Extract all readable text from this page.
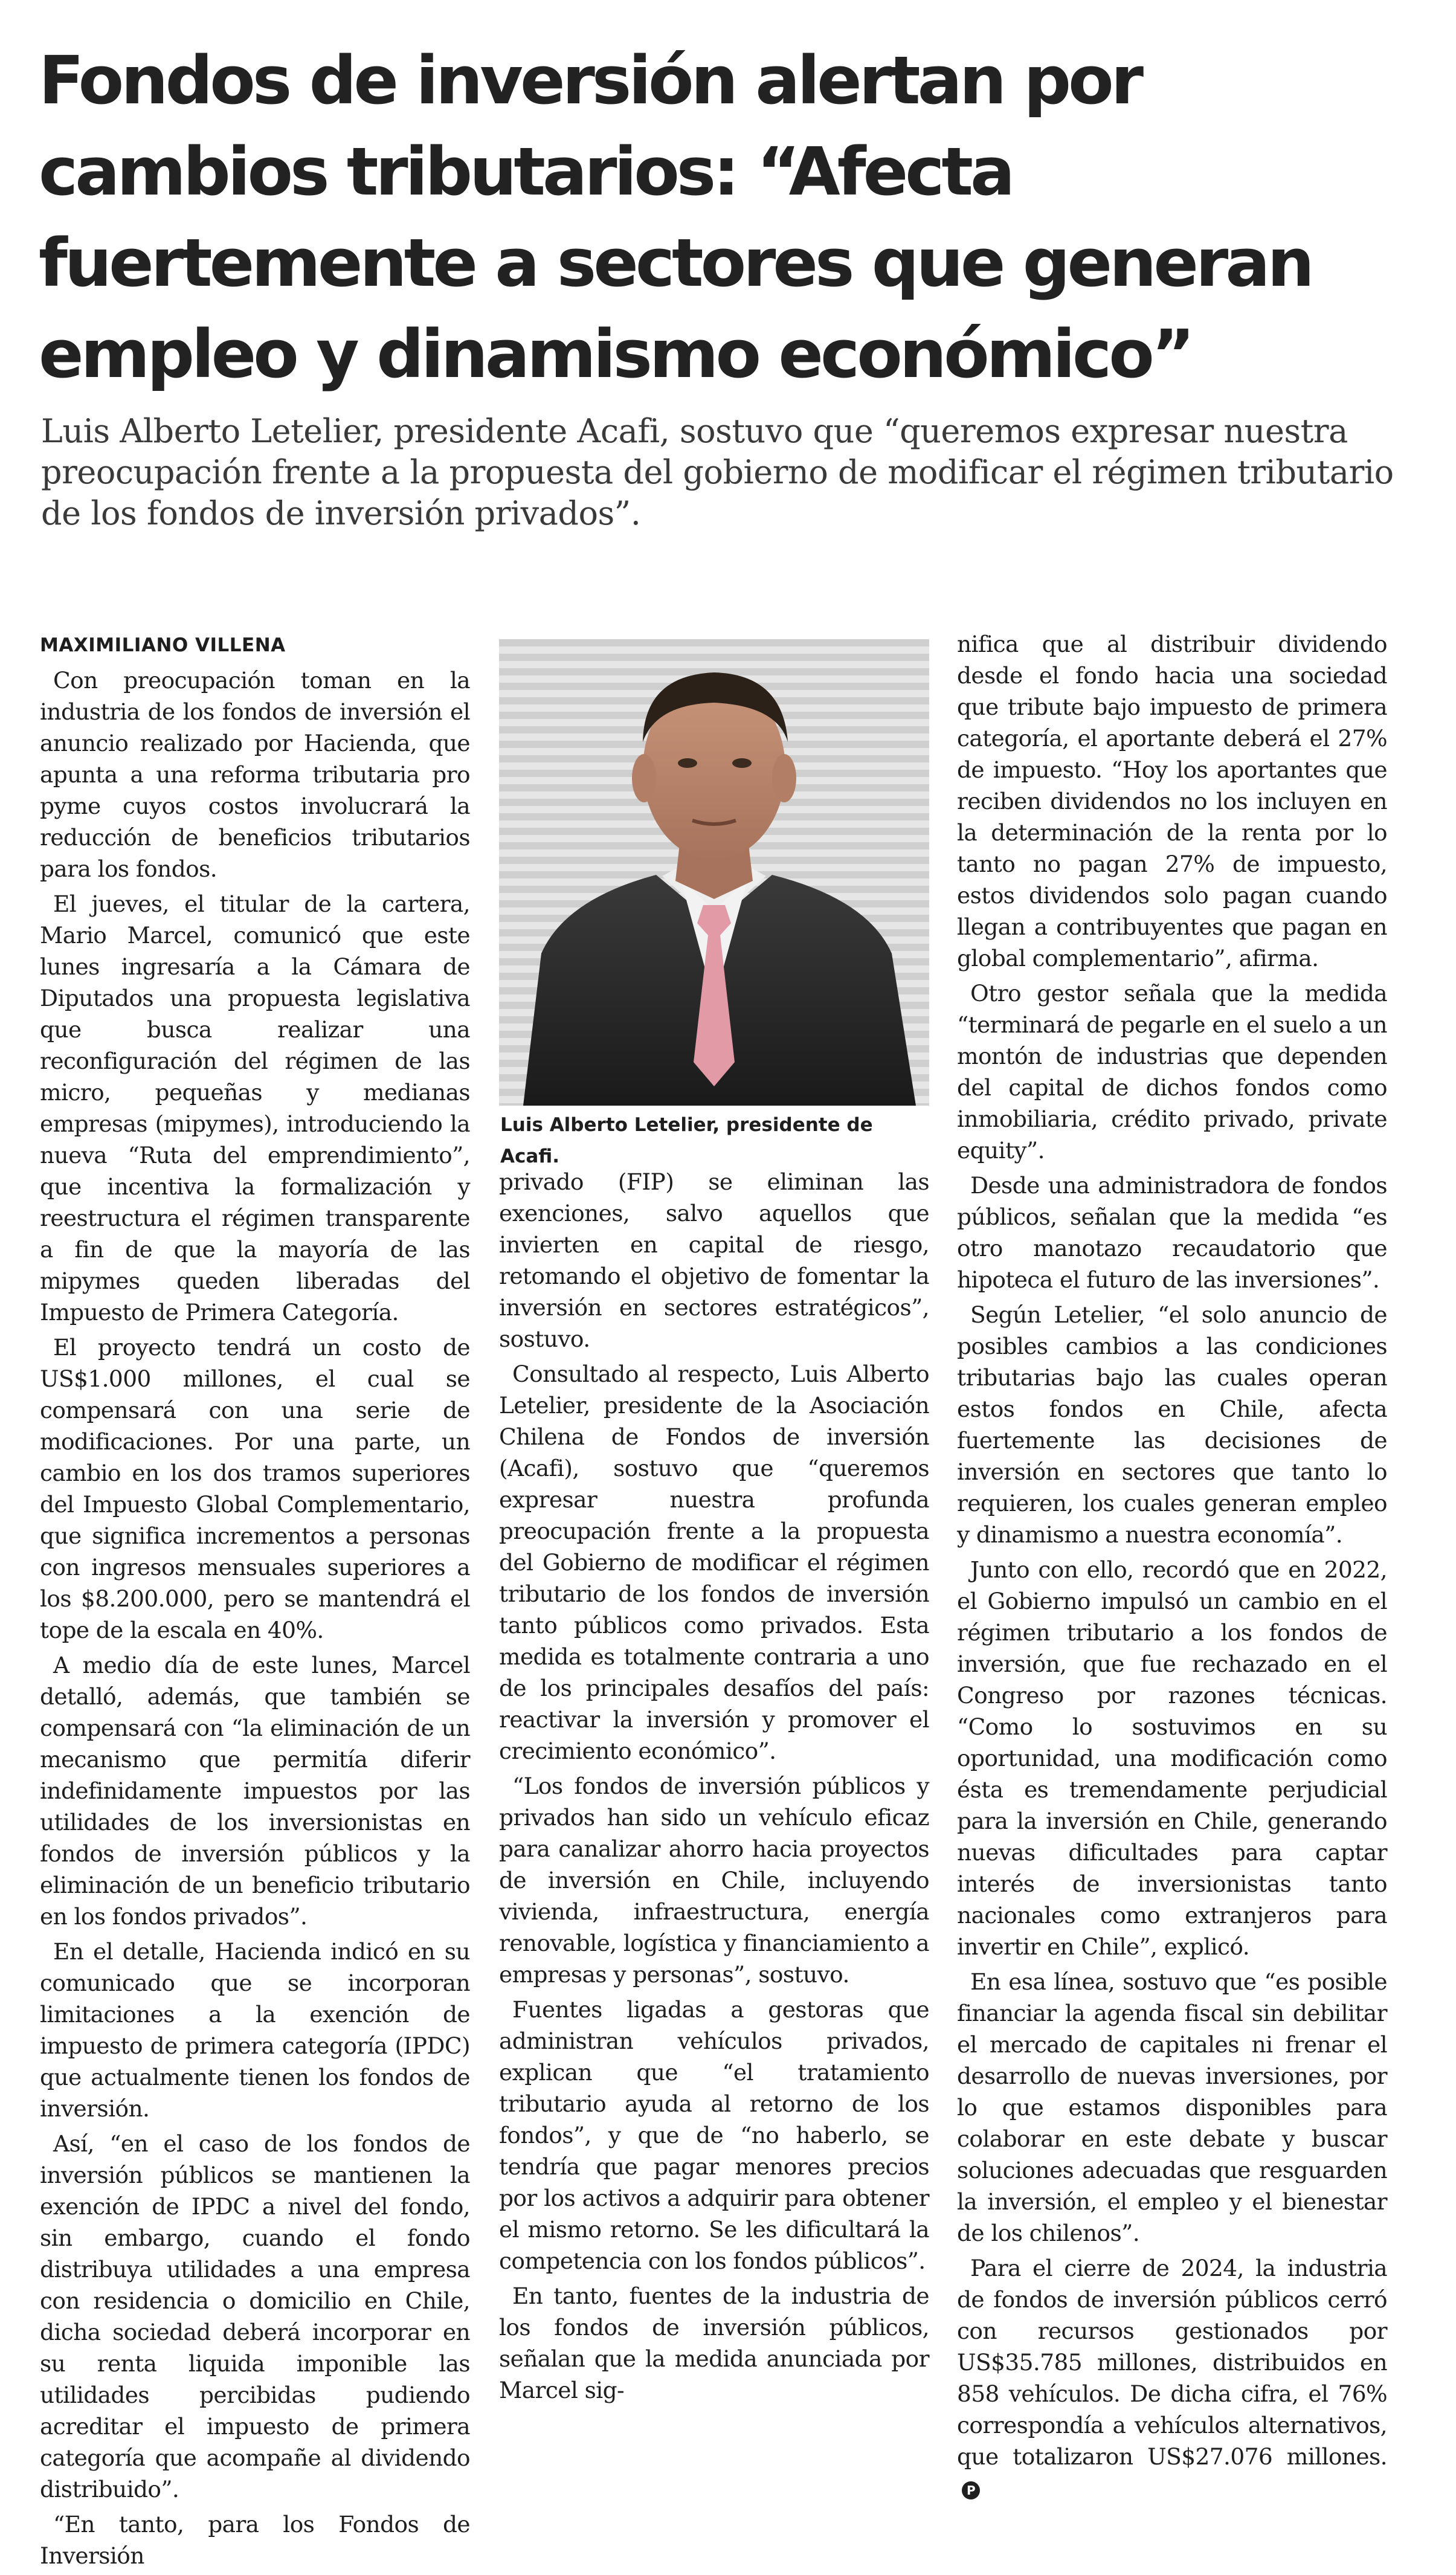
Fondos de inversión alertan por cambios tributarios: “Afecta fuertemente a sectores que generan empleo y dinamismo económico”

Luis Alberto Letelier, presidente Acafi, sostuvo que “queremos expresar nuestra preocupación frente a la propuesta del gobierno de modificar el régimen tributario de los fondos de inversión privados”.

MAXIMILIANO VILLENA

Con preocupación toman en la industria de los fondos de inversión el anuncio realizado por Hacienda, que apunta a una reforma tributaria pro pyme cuyos costos involucrará la reducción de beneficios tributarios para los fondos.

El jueves, el titular de la cartera, Mario Marcel, comunicó que este lunes ingresaría a la Cámara de Diputados una propuesta legislativa que busca realizar una reconfiguración del régimen de las micro, pequeñas y medianas empresas (mipymes), introduciendo la nueva “Ruta del emprendimiento”, que incentiva la formalización y reestructura el régimen transparente a fin de que la mayoría de las mipymes queden liberadas del Impuesto de Primera Categoría.

El proyecto tendrá un costo de US$1.000 millones, el cual se compensará con una serie de modificaciones. Por una parte, un cambio en los dos tramos superiores del Impuesto Global Complementario, que significa incrementos a personas con ingresos mensuales superiores a los $8.200.000, pero se mantendrá el tope de la escala en 40%.

A medio día de este lunes, Marcel detalló, además, que también se compensará con “la eliminación de un mecanismo que permitía diferir indefinidamente impuestos por las utilidades de los inversionistas en fondos de inversión públicos y la eliminación de un beneficio tributario en los fondos privados”.

En el detalle, Hacienda indicó en su comunicado que se incorporan limitaciones a la exención de impuesto de primera categoría (IPDC) que actualmente tienen los fondos de inversión.

Así, “en el caso de los fondos de inversión públicos se mantienen la exención de IPDC a nivel del fondo, sin embargo, cuando el fondo distribuya utilidades a una empresa con residencia o domicilio en Chile, dicha sociedad deberá incorporar en su renta liquida imponible las utilidades percibidas pudiendo acreditar el impuesto de primera categoría que acompañe al dividendo distribuido”.

“En tanto, para los Fondos de Inversión

Luis Alberto Letelier, presidente de Acafi.

privado (FIP) se eliminan las exenciones, salvo aquellos que invierten en capital de riesgo, retomando el objetivo de fomentar la inversión en sectores estratégicos”, sostuvo.

Consultado al respecto, Luis Alberto Letelier, presidente de la Asociación Chilena de Fondos de inversión (Acafi), sostuvo que “queremos expresar nuestra profunda preocupación frente a la propuesta del Gobierno de modificar el régimen tributario de los fondos de inversión tanto públicos como privados. Esta medida es totalmente contraria a uno de los principales desafíos del país: reactivar la inversión y promover el crecimiento económico”.

“Los fondos de inversión públicos y privados han sido un vehículo eficaz para canalizar ahorro hacia proyectos de inversión en Chile, incluyendo vivienda, infraestructura, energía renovable, logística y financiamiento a empresas y personas”, sostuvo.

Fuentes ligadas a gestoras que administran vehículos privados, explican que “el tratamiento tributario ayuda al retorno de los fondos”, y que de “no haberlo, se tendría que pagar menores precios por los activos a adquirir para obtener el mismo retorno. Se les dificultará la competencia con los fondos públicos”.

En tanto, fuentes de la industria de los fondos de inversión públicos, señalan que la medida anunciada por Marcel sig-

nifica que al distribuir dividendo desde el fondo hacia una sociedad que tribute bajo impuesto de primera categoría, el aportante deberá el 27% de impuesto. “Hoy los aportantes que reciben dividendos no los incluyen en la determinación de la renta por lo tanto no pagan 27% de impuesto, estos dividendos solo pagan cuando llegan a contribuyentes que pagan en global complementario”, afirma.

Otro gestor señala que la medida “terminará de pegarle en el suelo a un montón de industrias que dependen del capital de dichos fondos como inmobiliaria, crédito privado, private equity”.

Desde una administradora de fondos públicos, señalan que la medida “es otro manotazo recaudatorio que hipoteca el futuro de las inversiones”.

Según Letelier, “el solo anuncio de posibles cambios a las condiciones tributarias bajo las cuales operan estos fondos en Chile, afecta fuertemente las decisiones de inversión en sectores que tanto lo requieren, los cuales generan empleo y dinamismo a nuestra economía”.

Junto con ello, recordó que en 2022, el Gobierno impulsó un cambio en el régimen tributario a los fondos de inversión, que fue rechazado en el Congreso por razones técnicas. “Como lo sostuvimos en su oportunidad, una modificación como ésta es tremendamente perjudicial para la inversión en Chile, generando nuevas dificultades para captar interés de inversionistas tanto nacionales como extranjeros para invertir en Chile”, explicó.

En esa línea, sostuvo que “es posible financiar la agenda fiscal sin debilitar el mercado de capitales ni frenar el desarrollo de nuevas inversiones, por lo que estamos disponibles para colaborar en este debate y buscar soluciones adecuadas que resguarden la inversión, el empleo y el bienestar de los chilenos”.

Para el cierre de 2024, la industria de fondos de inversión públicos cerró con recursos gestionados por US$35.785 millones, distribuidos en 858 vehículos. De dicha cifra, el 76% correspondía a vehículos alternativos, que totalizaron US$27.076 millones.P
